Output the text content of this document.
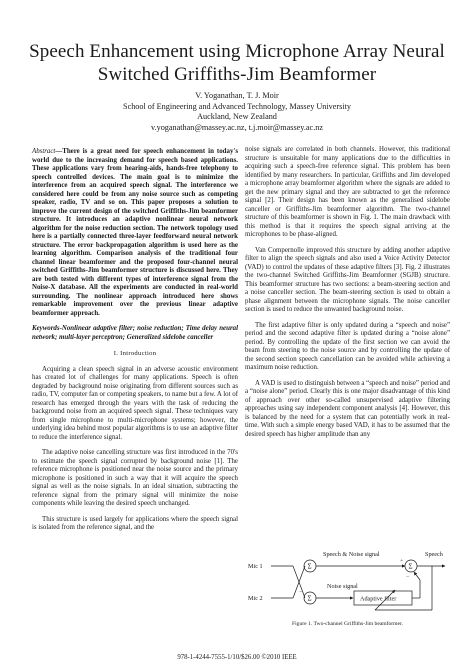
Speech Enhancement using Microphone Array Neural Switched Griffiths-Jim Beamformer
V. Yoganathan, T. J. Moir
School of Engineering and Advanced Technology, Massey University
Auckland, New Zealand
v.yoganathan@massey.ac.nz, t.j.moir@massey.ac.nz

Abstract—There is a great need for speech enhancement in today's world due to the increasing demand for speech based applications. These applications vary from hearing-aids, hands-free telephony to speech controlled devices. The main goal is to minimize the interference from an acquired speech signal. The interference we considered here could be from any noise source such as competing speaker, radio, TV and so on. This paper proposes a solution to improve the current design of the switched Griffiths-Jim beamformer structure. It introduces an adaptive nonlinear neural network algorithm for the noise reduction section. The network topology used here is a partially connected three-layer feedforward neural network structure. The error backpropagation algorithm is used here as the learning algorithm. Comparison analysis of the traditional four channel linear beamformer and the proposed four-channel neural switched Griffiths-Jim beamformer structure is discussed here. They are both tested with different types of interference signal from the Noise-X database. All the experiments are conducted in real-world surrounding. The nonlinear approach introduced here shows remarkable improvement over the previous linear adaptive beamformer approach.

Keywords-Nonlinear adaptive filter; noise reduction; Time delay neural network; multi-layer perceptron; Generalized sidelobe canceller

I. Introduction

Acquiring a clean speech signal in an adverse acoustic environment has created lot of challenges for many applications. Speech is often degraded by background noise originating from different sources such as radio, TV, computer fan or competing speakers, to name but a few. A lot of research has emerged through the years with the task of reducing the background noise from an acquired speech signal. These techniques vary from single microphone to multi-microphone systems; however, the underlying idea behind most popular algorithms is to use an adaptive filter to reduce the interference signal.

The adaptive noise cancelling structure was first introduced in the 70's to estimate the speech signal corrupted by background noise [1]. The reference microphone is positioned near the noise source and the primary microphone is positioned in such a way that it will acquire the speech signal as well as the noise signals. In an ideal situation, subtracting the reference signal from the primary signal will minimize the noise components while leaving the desired speech unchanged.

This structure is used largely for applications where the speech signal is isolated from the reference signal, and the

noise signals are correlated in both channels. However, this traditional structure is unsuitable for many applications due to the difficulties in acquiring such a speech-free reference signal. This problem has been identified by many researchers. In particular, Griffiths and Jim developed a microphone array beamformer algorithm where the signals are added to get the new primary signal and they are subtracted to get the reference signal [2]. Their design has been known as the generalised sidelobe canceller or Griffiths-Jim beamformer algorithm. The two-channel structure of this beamformer is shown in Fig. 1. The main drawback with this method is that it requires the speech signal arriving at the microphones to be phase-aligned.

Van Compernolle improved this structure by adding another adaptive filter to align the speech signals and also used a Voice Activity Detector (VAD) to control the updates of these adaptive filters [3]. Fig. 2 illustrates the two-channel Switched Griffiths-Jim Beamformer (SGJB) structure. This beamformer structure has two sections: a beam-steering section and a noise canceller section. The beam-steering section is used to obtain a phase alignment between the microphone signals. The noise canceller section is used to reduce the unwanted background noise.

The first adaptive filter is only updated during a “speech and noise” period and the second adaptive filter is updated during a “noise alone” period. By controlling the update of the first section we can avoid the beam from steering to the noise source and by controlling the update of the second section speech cancellation can be avoided while achieving a maximum noise reduction.

A VAD is used to distinguish between a “speech and noise” period and a “noise alone” period. Clearly this is one major disadvantage of this kind of approach over other so-called unsupervised adaptive filtering approaches using say independent component analysis [4]. However, this is balanced by the need for a system that can potentially work in real-time. With such a simple energy based VAD, it has to be assumed that the desired speech has higher amplitude than any

Mic 1
Mic 2
Σ
Σ
−
Speech & Noise signal
Σ
+
−
Speech
Noise signal
Adaptive filter
Figure 1. Two-channel Griffiths-Jim beamformer.
978-1-4244-7555-1/10/$26.00 ©2010 IEEE
